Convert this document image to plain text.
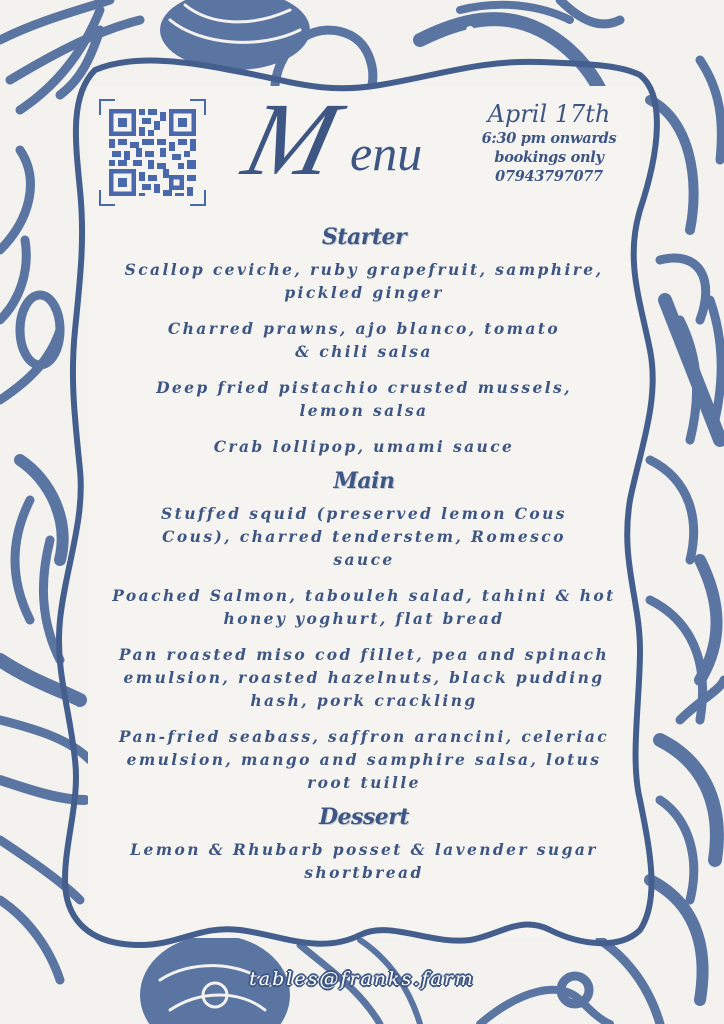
M enu
April 17th
6:30 pm onwards
bookings only
07943797077
Starter
Scallop ceviche, ruby grapefruit, samphire, pickled ginger
Charred prawns, ajo blanco, tomato & chili salsa
Deep fried pistachio crusted mussels, lemon salsa
Crab lollipop, umami sauce
Main
Stuffed squid (preserved lemon Cous Cous), charred tenderstem, Romesco sauce
Poached Salmon, tabouleh salad, tahini & hot honey yoghurt, flat bread
Pan roasted miso cod fillet, pea and spinach emulsion, roasted hazelnuts, black pudding hash, pork crackling
Pan-fried seabass, saffron arancini, celeriac emulsion, mango and samphire salsa, lotus root tuille
Dessert
Lemon & Rhubarb posset & lavender sugar shortbread
tables@franks.farm
